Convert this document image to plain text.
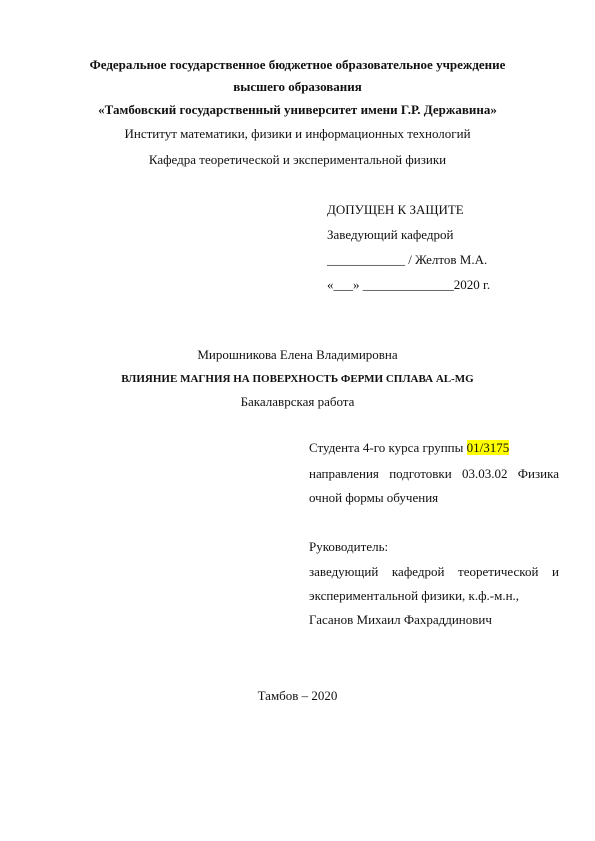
Федеральное государственное бюджетное образовательное учреждение
высшего образования
«Тамбовский государственный университет имени Г.Р. Державина»
Институт математики, физики и информационных технологий
Кафедра теоретической и экспериментальной физики
ДОПУЩЕН К ЗАЩИТЕ
Заведующий кафедрой
____________ / Желтов М.А.
«___» ______________2020 г.
Мирошникова Елена Владимировна
ВЛИЯНИЕ МАГНИЯ НА ПОВЕРХНОСТЬ ФЕРМИ СПЛАВА AL-MG
Бакалаврская работа
Студента 4-го курса группы 01/3175
направления подготовки 03.03.02 Физика
очной формы обучения
Руководитель:
заведующий кафедрой теоретической и
экспериментальной физики, к.ф.-м.н.,
Гасанов Михаил Фахраддинович
Тамбов – 2020
